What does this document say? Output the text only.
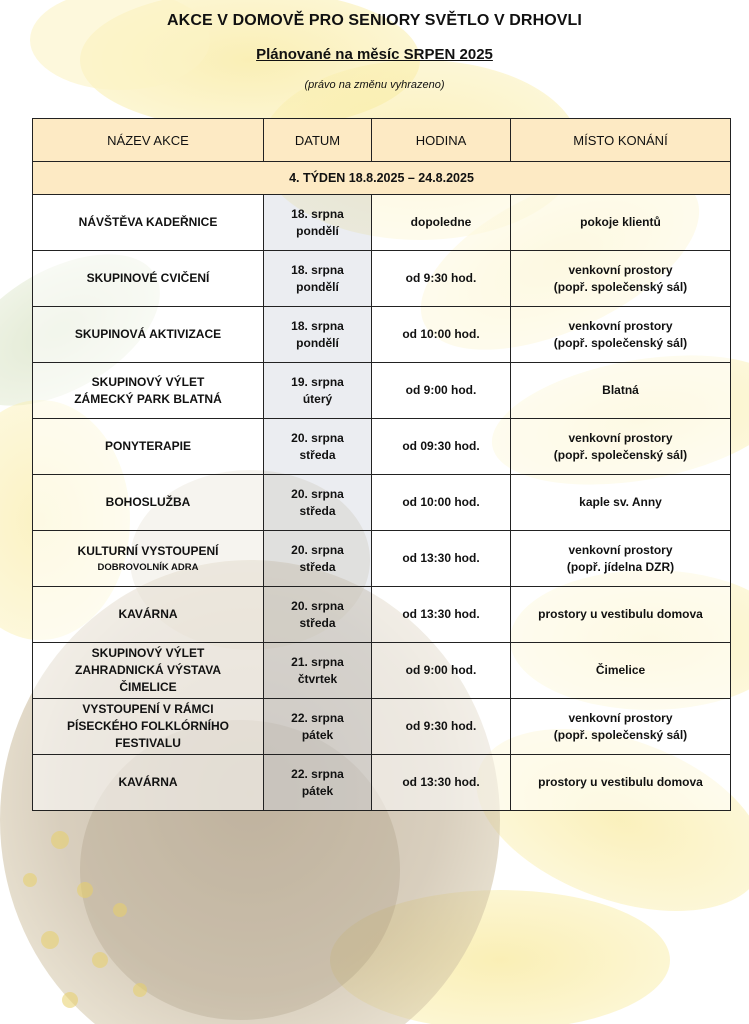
AKCE V DOMOVĚ PRO SENIORY SVĚTLO V DRHOVLI
Plánované na měsíc SRPEN 2025
(právo na změnu vyhrazeno)
NÁZEV AKCE	DATUM	HODINA	MÍSTO KONÁNÍ
4. TÝDEN 18.8.2025 – 24.8.2025			

NÁVŠTĚVA KADEŘNICE	18. srpna
pondělí	dopoledne	pokoje klientů

SKUPINOVÉ CVIČENÍ	18. srpna
pondělí	od 9:30 hod.	venkovní prostory
(popř. společenský sál)

SKUPINOVÁ AKTIVIZACE	18. srpna
pondělí	od 10:00 hod.	venkovní prostory
(popř. společenský sál)

SKUPINOVÝ VÝLET
ZÁMECKÝ PARK BLATNÁ	19. srpna
úterý	od 9:00 hod.	Blatná

PONYTERAPIE	20. srpna
středa	od 09:30 hod.	venkovní prostory
(popř. společenský sál)

BOHOSLUŽBA	20. srpna
středa	od 10:00 hod.	kaple sv. Anny

KULTURNÍ VYSTOUPENÍ
DOBROVOLNÍK ADRA	20. srpna
středa	od 13:30 hod.	venkovní prostory
(popř. jídelna DZR)

KAVÁRNA	20. srpna
středa	od 13:30 hod.	prostory u vestibulu domova

SKUPINOVÝ VÝLET
ZAHRADNICKÁ VÝSTAVA
ČIMELICE	21. srpna
čtvrtek	od 9:00 hod.	Čimelice

VYSTOUPENÍ V RÁMCI
PÍSECKÉHO FOLKLÓRNÍHO
FESTIVALU	22. srpna
pátek	od 9:30 hod.	venkovní prostory
(popř. společenský sál)

KAVÁRNA	22. srpna
pátek	od 13:30 hod.	prostory u vestibulu domova
